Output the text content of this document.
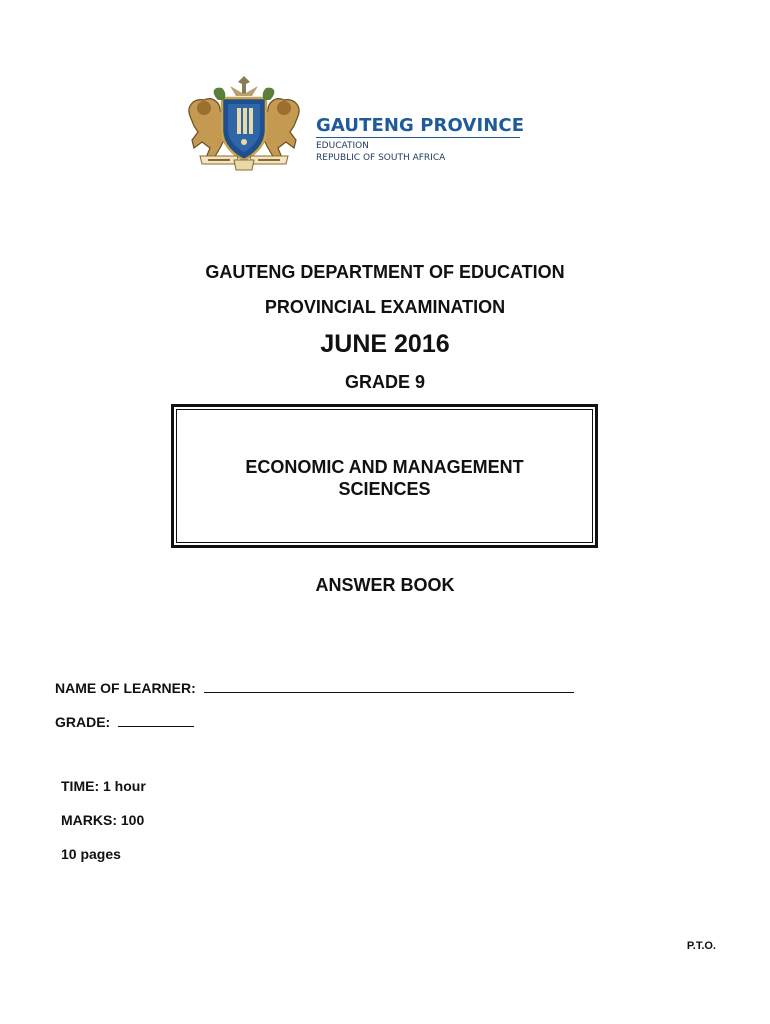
GAUTENG PROVINCE
EDUCATION
REPUBLIC OF SOUTH AFRICA
GAUTENG DEPARTMENT OF EDUCATION
PROVINCIAL EXAMINATION
JUNE 2016
GRADE 9
ECONOMIC AND MANAGEMENT
SCIENCES
ANSWER BOOK
NAME OF LEARNER:
GRADE:
TIME: 1 hour
MARKS: 100
10 pages
P.T.O.
